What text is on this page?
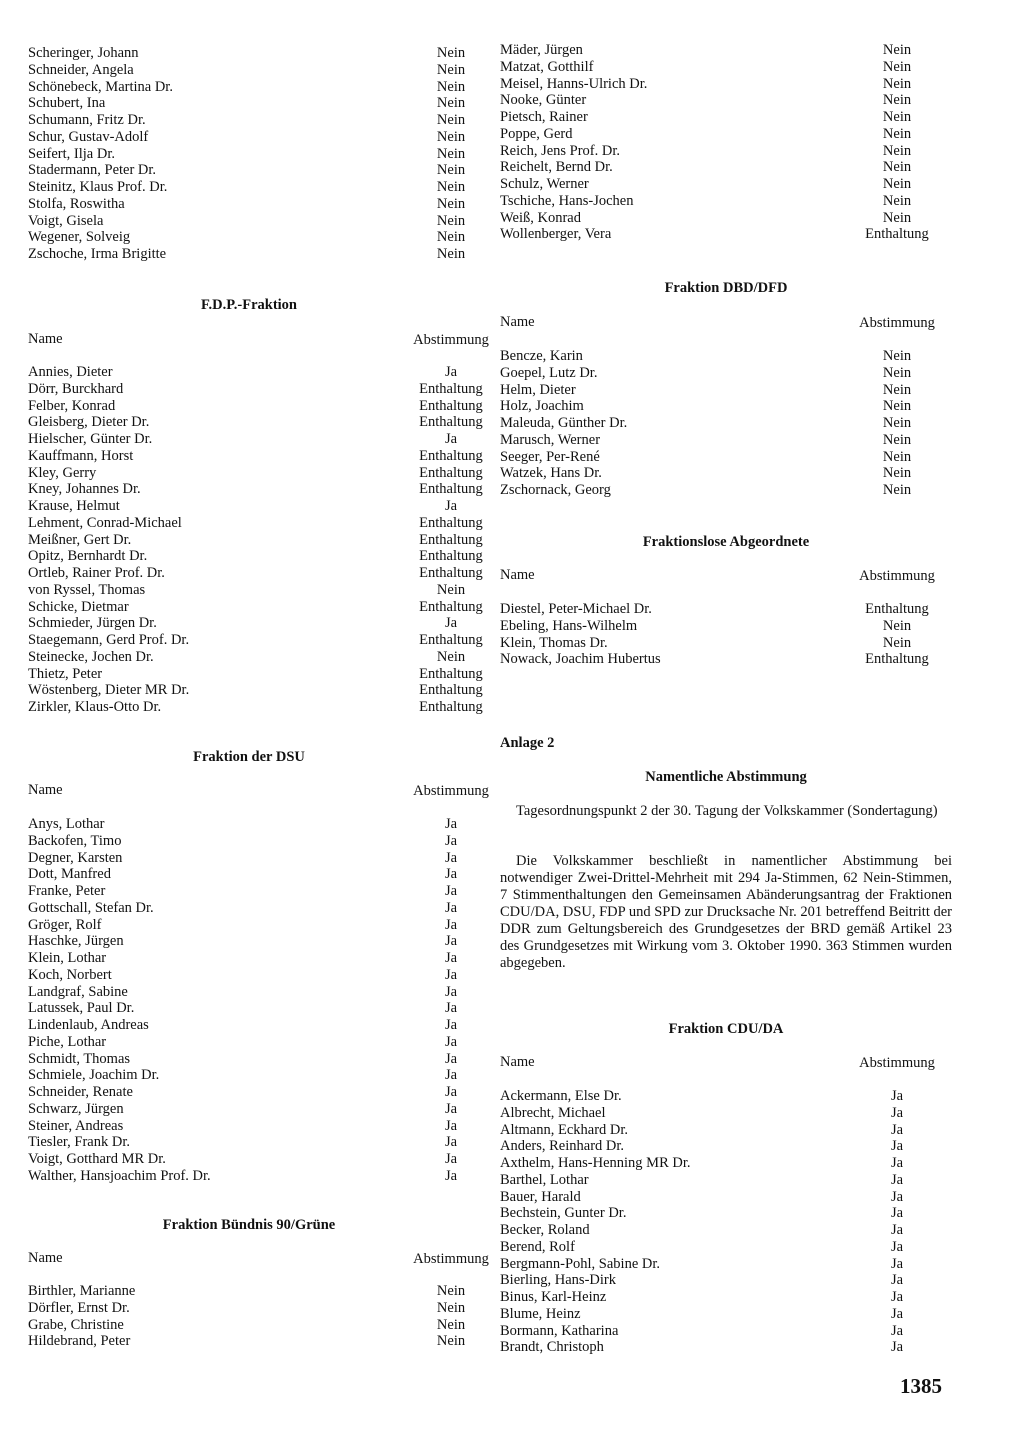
Scheringer, Johann	Nein
Schneider, Angela	Nein
Schönebeck, Martina Dr.	Nein
Schubert, Ina	Nein
Schumann, Fritz Dr.	Nein
Schur, Gustav-Adolf	Nein
Seifert, Ilja Dr.	Nein
Stadermann, Peter Dr.	Nein
Steinitz, Klaus Prof. Dr.	Nein
Stolfa, Roswitha	Nein
Voigt, Gisela	Nein
Wegener, Solveig	Nein
Zschoche, Irma Brigitte	Nein
F.D.P.-Fraktion
Name	Abstimmung
Annies, Dieter	Ja
Dörr, Burckhard	Enthaltung
Felber, Konrad	Enthaltung
Gleisberg, Dieter Dr.	Enthaltung
Hielscher, Günter Dr.	Ja
Kauffmann, Horst	Enthaltung
Kley, Gerry	Enthaltung
Kney, Johannes Dr.	Enthaltung
Krause, Helmut	Ja
Lehment, Conrad-Michael	Enthaltung
Meißner, Gert Dr.	Enthaltung
Opitz, Bernhardt Dr.	Enthaltung
Ortleb, Rainer Prof. Dr.	Enthaltung
von Ryssel, Thomas	Nein
Schicke, Dietmar	Enthaltung
Schmieder, Jürgen Dr.	Ja
Staegemann, Gerd Prof. Dr.	Enthaltung
Steinecke, Jochen Dr.	Nein
Thietz, Peter	Enthaltung
Wöstenberg, Dieter MR Dr.	Enthaltung
Zirkler, Klaus-Otto Dr.	Enthaltung
Fraktion der DSU
Name	Abstimmung
Anys, Lothar	Ja
Backofen, Timo	Ja
Degner, Karsten	Ja
Dott, Manfred	Ja
Franke, Peter	Ja
Gottschall, Stefan Dr.	Ja
Gröger, Rolf	Ja
Haschke, Jürgen	Ja
Klein, Lothar	Ja
Koch, Norbert	Ja
Landgraf, Sabine	Ja
Latussek, Paul Dr.	Ja
Lindenlaub, Andreas	Ja
Piche, Lothar	Ja
Schmidt, Thomas	Ja
Schmiele, Joachim Dr.	Ja
Schneider, Renate	Ja
Schwarz, Jürgen	Ja
Steiner, Andreas	Ja
Tiesler, Frank Dr.	Ja
Voigt, Gotthard MR Dr.	Ja
Walther, Hansjoachim Prof. Dr.	Ja
Fraktion Bündnis 90/Grüne
Name	Abstimmung
Birthler, Marianne	Nein
Dörfler, Ernst Dr.	Nein
Grabe, Christine	Nein
Hildebrand, Peter	Nein
Mäder, Jürgen	Nein
Matzat, Gotthilf	Nein
Meisel, Hanns-Ulrich Dr.	Nein
Nooke, Günter	Nein
Pietsch, Rainer	Nein
Poppe, Gerd	Nein
Reich, Jens Prof. Dr.	Nein
Reichelt, Bernd Dr.	Nein
Schulz, Werner	Nein
Tschiche, Hans-Jochen	Nein
Weiß, Konrad	Nein
Wollenberger, Vera	Enthaltung
Fraktion DBD/DFD
Name	Abstimmung
Bencze, Karin	Nein
Goepel, Lutz Dr.	Nein
Helm, Dieter	Nein
Holz, Joachim	Nein
Maleuda, Günther Dr.	Nein
Marusch, Werner	Nein
Seeger, Per-René	Nein
Watzek, Hans Dr.	Nein
Zschornack, Georg	Nein
Fraktionslose Abgeordnete
Name	Abstimmung
Diestel, Peter-Michael Dr.	Enthaltung
Ebeling, Hans-Wilhelm	Nein
Klein, Thomas Dr.	Nein
Nowack, Joachim Hubertus	Enthaltung
Anlage 2
Namentliche Abstimmung
Tagesordnungspunkt 2 der 30. Tagung der Volkskammer (Sondertagung)
Die Volkskammer beschließt in namentlicher Abstimmung bei notwendiger Zwei-Drittel-Mehrheit mit 294 Ja-Stimmen, 62 Nein-Stimmen, 7 Stimmenthaltungen den Gemeinsamen Abänderungsantrag der Fraktionen CDU/DA, DSU, FDP und SPD zur Drucksache Nr. 201 betreffend Beitritt der DDR zum Geltungsbereich des Grundgesetzes der BRD gemäß Artikel 23 des Grundgesetzes mit Wirkung vom 3. Oktober 1990. 363 Stimmen wurden abgegeben.
Fraktion CDU/DA
Name	Abstimmung
Ackermann, Else Dr.	Ja
Albrecht, Michael	Ja
Altmann, Eckhard Dr.	Ja
Anders, Reinhard Dr.	Ja
Axthelm, Hans-Henning MR Dr.	Ja
Barthel, Lothar	Ja
Bauer, Harald	Ja
Bechstein, Gunter Dr.	Ja
Becker, Roland	Ja
Berend, Rolf	Ja
Bergmann-Pohl, Sabine Dr.	Ja
Bierling, Hans-Dirk	Ja
Binus, Karl-Heinz	Ja
Blume, Heinz	Ja
Bormann, Katharina	Ja
Brandt, Christoph	Ja
1385
